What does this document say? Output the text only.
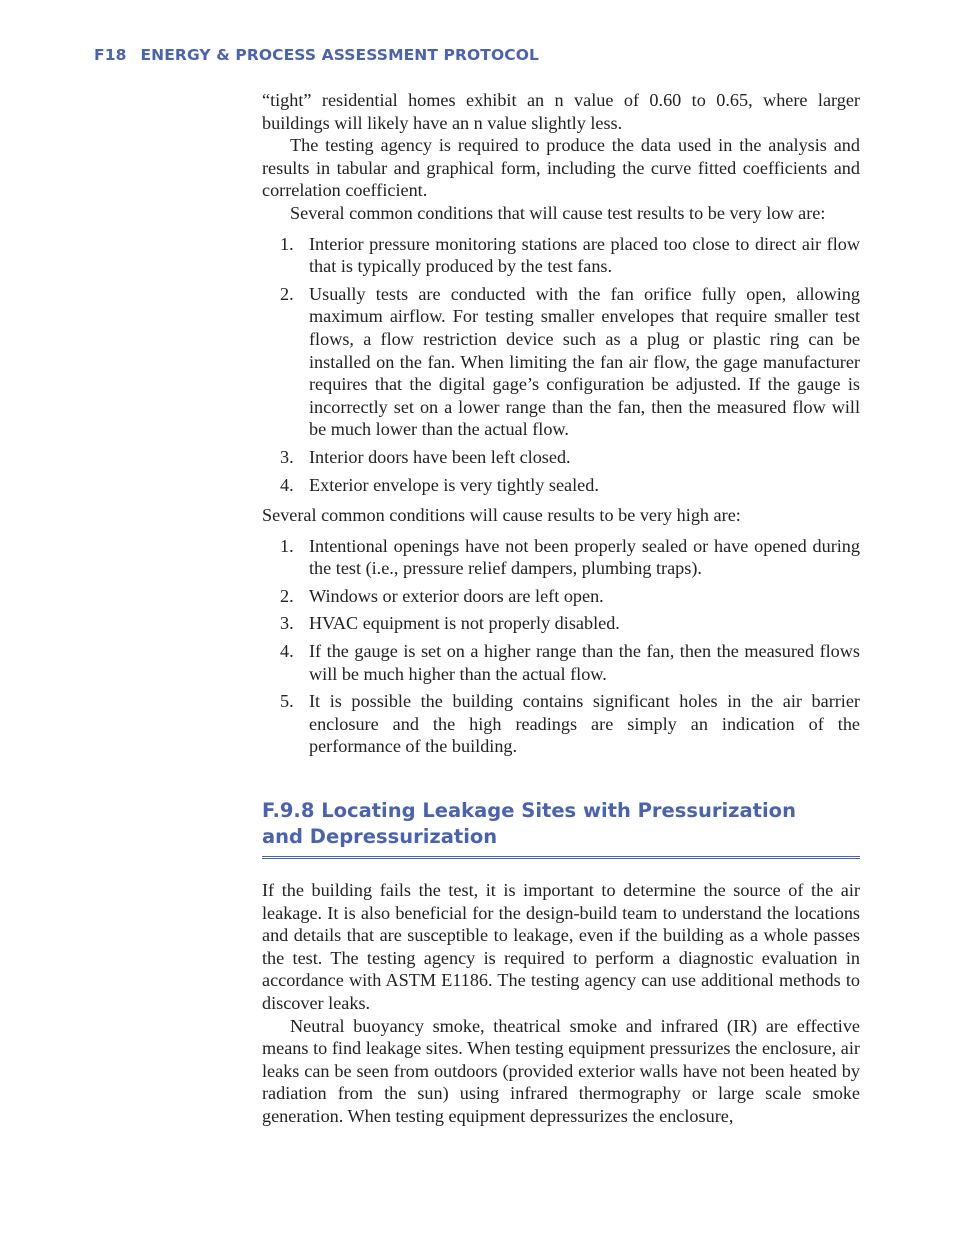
F18 ENERGY & PROCESS ASSESSMENT PROTOCOL

“tight” residential homes exhibit an n value of 0.60 to 0.65, where larger buildings will likely have an n value slightly less.

The testing agency is required to produce the data used in the analysis and results in tabular and graphical form, including the curve fitted coefficients and correlation coefficient.

Several common conditions that will cause test results to be very low are:

1. Interior pressure monitoring stations are placed too close to direct air flow that is typically produced by the test fans.
2. Usually tests are conducted with the fan orifice fully open, allowing maximum airflow. For testing smaller envelopes that require smaller test flows, a flow restriction device such as a plug or plastic ring can be installed on the fan. When limiting the fan air flow, the gage manufacturer requires that the digital gage’s configuration be adjusted. If the gauge is incorrectly set on a lower range than the fan, then the measured flow will be much lower than the actual flow.
3. Interior doors have been left closed.
4. Exterior envelope is very tightly sealed.

Several common conditions will cause results to be very high are:

1. Intentional openings have not been properly sealed or have opened during the test (i.e., pressure relief dampers, plumbing traps).
2. Windows or exterior doors are left open.
3. HVAC equipment is not properly disabled.
4. If the gauge is set on a higher range than the fan, then the measured flows will be much higher than the actual flow.
5. It is possible the building contains significant holes in the air barrier enclosure and the high readings are simply an indication of the performance of the building.
F.9.8 Locating Leakage Sites with Pressurization
and Depressurization

If the building fails the test, it is important to determine the source of the air leakage. It is also beneficial for the design-build team to understand the locations and details that are susceptible to leakage, even if the building as a whole passes the test. The testing agency is required to perform a diagnostic evaluation in accordance with ASTM E1186. The testing agency can use additional methods to discover leaks.

Neutral buoyancy smoke, theatrical smoke and infrared (IR) are effective means to find leakage sites. When testing equipment pressurizes the enclosure, air leaks can be seen from outdoors (provided exterior walls have not been heated by radiation from the sun) using infrared thermography or large scale smoke generation. When testing equipment depressurizes the enclosure,
